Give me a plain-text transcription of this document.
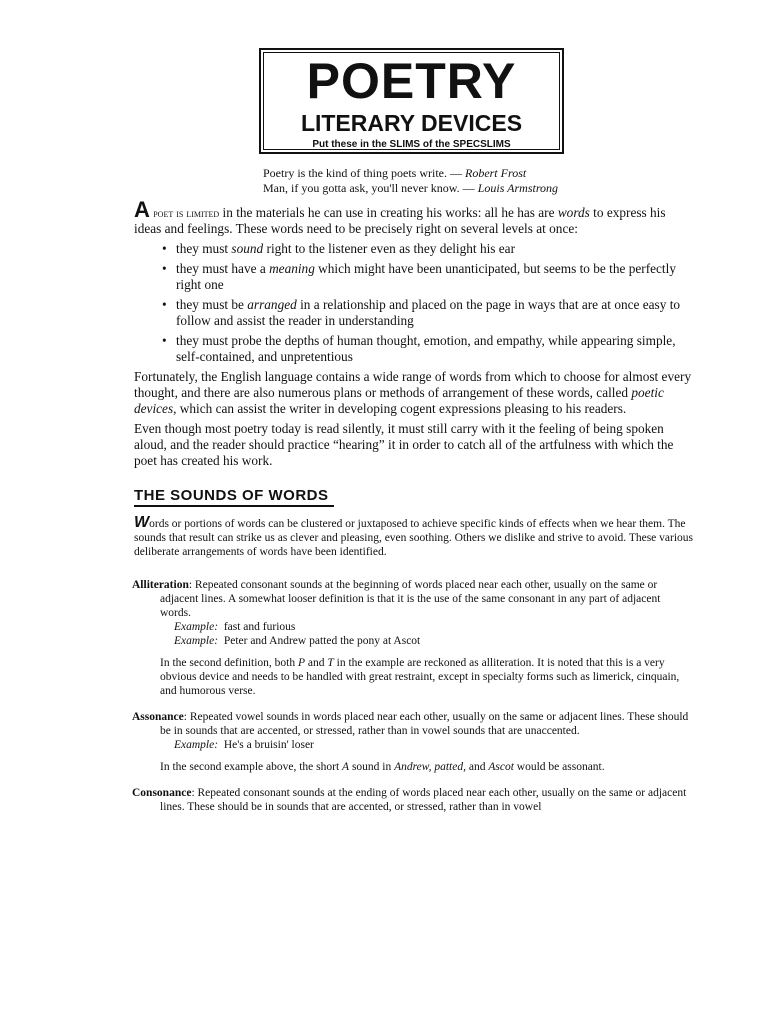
POETRY
LITERARY DEVICES
Put these in the SLIMS of the SPECSLIMS
Poetry is the kind of thing poets write. — Robert Frost
Man, if you gotta ask, you'll never know. — Louis Armstrong

A poet is limited in the materials he can use in creating his works: all he has are words to express his ideas and feelings. These words need to be precisely right on several levels at once:

• they must sound right to the listener even as they delight his ear
• they must have a meaning which might have been unanticipated, but seems to be the perfectly right one
• they must be arranged in a relationship and placed on the page in ways that are at once easy to follow and assist the reader in understanding
• they must probe the depths of human thought, emotion, and empathy, while appearing simple, self-contained, and unpretentious

Fortunately, the English language contains a wide range of words from which to choose for almost every thought, and there are also numerous plans or methods of arrangement of these words, called poetic devices, which can assist the writer in developing cogent expressions pleasing to his readers.

Even though most poetry today is read silently, it must still carry with it the feeling of being spoken aloud, and the reader should practice “hearing” it in order to catch all of the artfulness with which the poet has created his work.

THE SOUNDS OF WORDS
Words or portions of words can be clustered or juxtaposed to achieve specific kinds of effects when we hear them. The sounds that result can strike us as clever and pleasing, even soothing. Others we dislike and strive to avoid. These various deliberate arrangements of words have been identified.
Alliteration: Repeated consonant sounds at the beginning of words placed near each other, usually on the same or adjacent lines. A somewhat looser definition is that it is the use of the same consonant in any part of adjacent words.
Example: fast and furious
Example: Peter and Andrew patted the pony at Ascot
In the second definition, both P and T in the example are reckoned as alliteration. It is noted that this is a very obvious device and needs to be handled with great restraint, except in specialty forms such as limerick, cinquain, and humorous verse.
Assonance: Repeated vowel sounds in words placed near each other, usually on the same or adjacent lines. These should be in sounds that are accented, or stressed, rather than in vowel sounds that are unaccented.
Example: He's a bruisin' loser
In the second example above, the short A sound in Andrew, patted, and Ascot would be assonant.
Consonance: Repeated consonant sounds at the ending of words placed near each other, usually on the same or adjacent lines. These should be in sounds that are accented, or stressed, rather than in vowel
